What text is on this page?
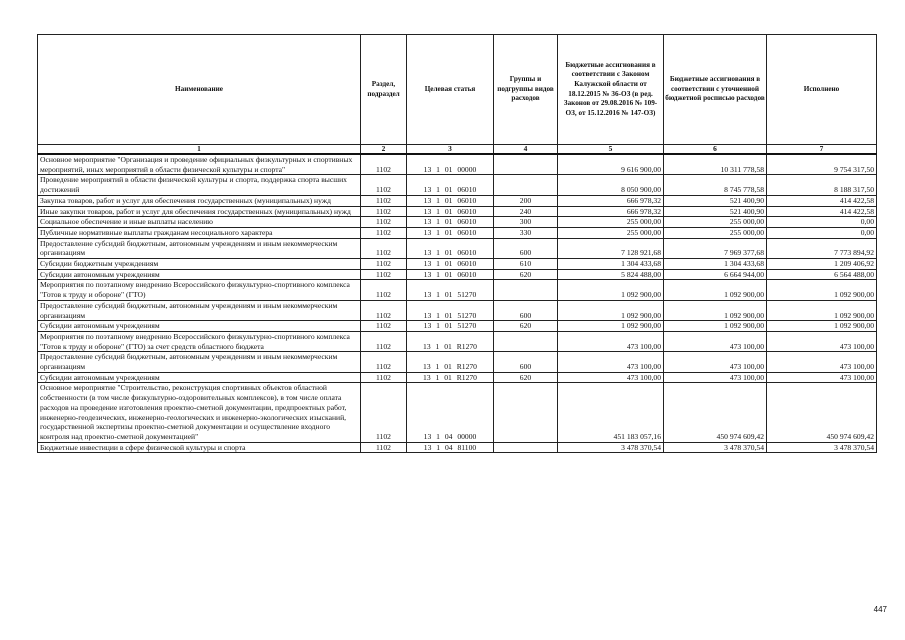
Наименование	Раздел, подраздел	Целевая статья	Группы и подгруппы видов расходов	Бюджетные ассигнования в соответствии с Законом Калужской области от 18.12.2015 № 36-ОЗ (в ред. Законов от 29.08.2016 № 109-ОЗ, от 15.12.2016 № 147-ОЗ)	Бюджетные ассигнования в соответствии с уточненной бюджетной росписью расходов	Исполнено
1	2	3	4	5	6	7
Основное мероприятие "Организация и проведение официальных физкультурных и спортивных мероприятий, иных мероприятий в области физической культуры и спорта"	1102	13 1 01 00000		9 616 900,00	10 311 778,58	9 754 317,50
Проведение мероприятий в области физической культуры и спорта, поддержка спорта высших достижений	1102	13 1 01 06010		8 050 900,00	8 745 778,58	8 188 317,50
Закупка товаров, работ и услуг для обеспечения государственных (муниципальных) нужд	1102	13 1 01 06010	200	666 978,32	521 400,90	414 422,58
Иные закупки товаров, работ и услуг для обеспечения государственных (муниципальных) нужд	1102	13 1 01 06010	240	666 978,32	521 400,90	414 422,58
Социальное обеспечение и иные выплаты населению	1102	13 1 01 06010	300	255 000,00	255 000,00	0,00
Публичные нормативные выплаты гражданам несоциального характера	1102	13 1 01 06010	330	255 000,00	255 000,00	0,00
Предоставление субсидий бюджетным, автономным учреждениям и иным некоммерческим организациям	1102	13 1 01 06010	600	7 128 921,68	7 969 377,68	7 773 894,92
Субсидии бюджетным учреждениям	1102	13 1 01 06010	610	1 304 433,68	1 304 433,68	1 209 406,92
Субсидии автономным учреждениям	1102	13 1 01 06010	620	5 824 488,00	6 664 944,00	6 564 488,00
Мероприятия по поэтапному внедрению Всероссийского физкультурно-спортивного комплекса "Готов к труду и обороне" (ГТО)	1102	13 1 01 51270		1 092 900,00	1 092 900,00	1 092 900,00
Предоставление субсидий бюджетным, автономным учреждениям и иным некоммерческим организациям	1102	13 1 01 51270	600	1 092 900,00	1 092 900,00	1 092 900,00
Субсидии автономным учреждениям	1102	13 1 01 51270	620	1 092 900,00	1 092 900,00	1 092 900,00
Мероприятия по поэтапному внедрению Всероссийского физкультурно-спортивного комплекса "Готов к труду и обороне" (ГТО) за счет средств областного бюджета	1102	13 1 01 R1270		473 100,00	473 100,00	473 100,00
Предоставление субсидий бюджетным, автономным учреждениям и иным некоммерческим организациям	1102	13 1 01 R1270	600	473 100,00	473 100,00	473 100,00
Субсидии автономным учреждениям	1102	13 1 01 R1270	620	473 100,00	473 100,00	473 100,00
Основное мероприятие "Строительство, реконструкция спортивных объектов областной собственности (в том числе физкультурно-оздоровительных комплексов), в том числе оплата расходов на проведение изготовления проектно-сметной документации, предпроектных работ, инженерно-геодезических, инженерно-геологических и инженерно-экологических изысканий, государственной экспертизы проектно-сметной документации и осуществление входного контроля над проектно-сметной документацией"	1102	13 1 04 00000		451 183 057,16	450 974 609,42	450 974 609,42
Бюджетные инвестиции в сфере физической культуры и спорта	1102	13 1 04 81100		3 478 370,54	3 478 370,54	3 478 370,54
447
